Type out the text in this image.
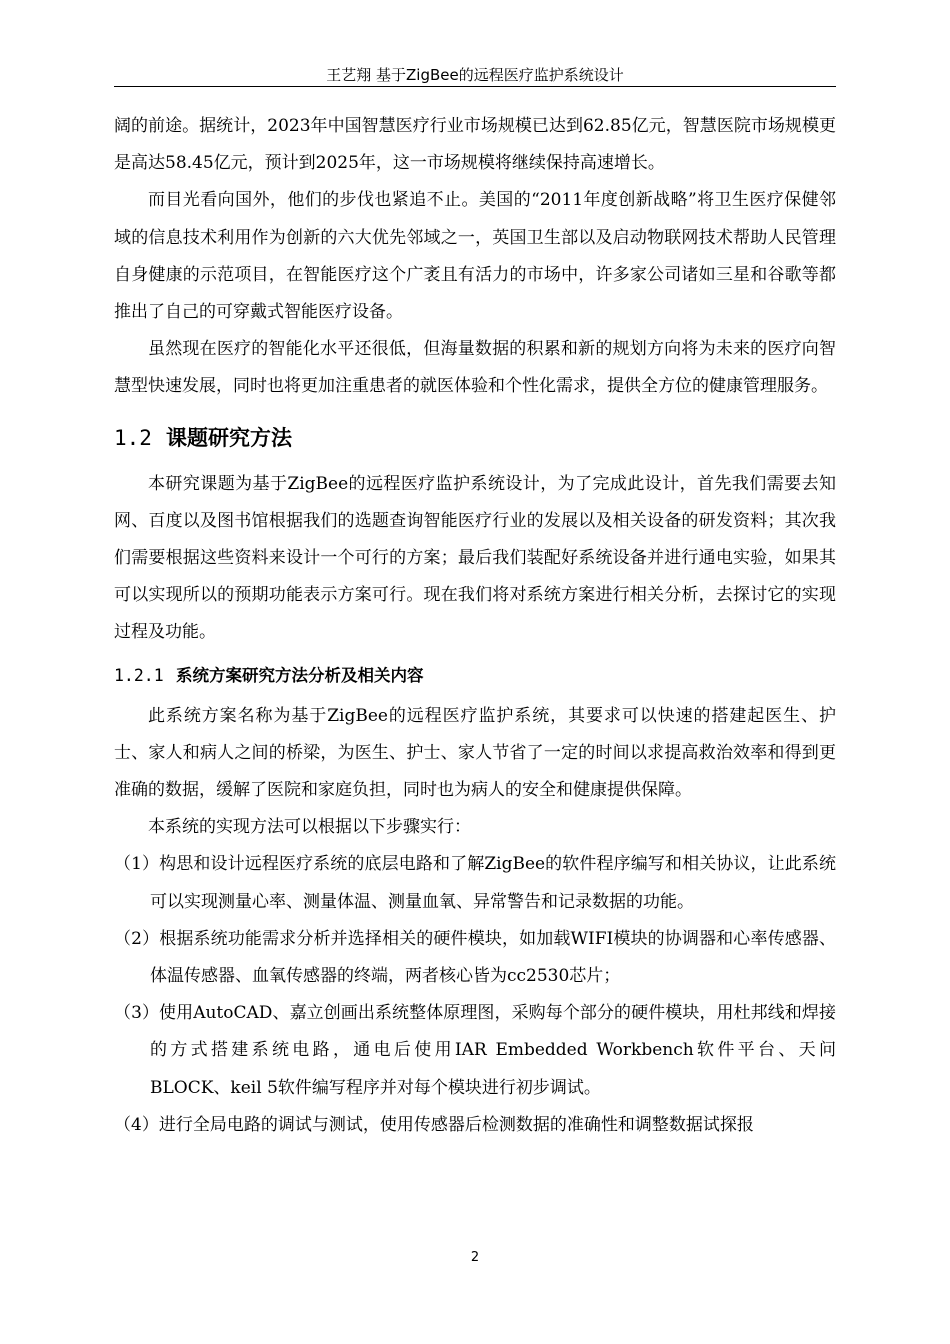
王艺翔 基于ZigBee的远程医疗监护系统设计

阔的前途。据统计，2023年中国智慧医疗行业市场规模已达到62.85亿元，智慧医院市场规模更是高达58.45亿元，预计到2025年，这一市场规模将继续保持高速增长。

而目光看向国外，他们的步伐也紧追不止。美国的“2011年度创新战略”将卫生医疗保健邻域的信息技术利用作为创新的六大优先邻域之一，英国卫生部以及启动物联网技术帮助人民管理自身健康的示范项目，在智能医疗这个广袤且有活力的市场中，许多家公司诸如三星和谷歌等都推出了自己的可穿戴式智能医疗设备。

虽然现在医疗的智能化水平还很低，但海量数据的积累和新的规划方向将为未来的医疗向智慧型快速发展，同时也将更加注重患者的就医体验和个性化需求，提供全方位的健康管理服务。

1.2 课题研究方法

本研究课题为基于ZigBee的远程医疗监护系统设计，为了完成此设计，首先我们需要去知网、百度以及图书馆根据我们的选题查询智能医疗行业的发展以及相关设备的研发资料；其次我们需要根据这些资料来设计一个可行的方案；最后我们装配好系统设备并进行通电实验，如果其可以实现所以的预期功能表示方案可行。现在我们将对系统方案进行相关分析，去探讨它的实现过程及功能。

1.2.1 系统方案研究方法分析及相关内容

此系统方案名称为基于ZigBee的远程医疗监护系统，其要求可以快速的搭建起医生、护士、家人和病人之间的桥梁，为医生、护士、家人节省了一定的时间以求提高救治效率和得到更准确的数据，缓解了医院和家庭负担，同时也为病人的安全和健康提供保障。

本系统的实现方法可以根据以下步骤实行：

（1）构思和设计远程医疗系统的底层电路和了解ZigBee的软件程序编写和相关协议，让此系统可以实现测量心率、测量体温、测量血氧、异常警告和记录数据的功能。

（2）根据系统功能需求分析并选择相关的硬件模块，如加载WIFI模块的协调器和心率传感器、体温传感器、血氧传感器的终端，两者核心皆为cc2530芯片；

（3）使用AutoCAD、嘉立创画出系统整体原理图，采购每个部分的硬件模块，用杜邦线和焊接的方式搭建系统电路，通电后使用IAR Embedded Workbench软件平台、天问BLOCK、keil 5软件编写程序并对每个模块进行初步调试。

（4）进行全局电路的调试与测试，使用传感器后检测数据的准确性和调整数据试探报

2
